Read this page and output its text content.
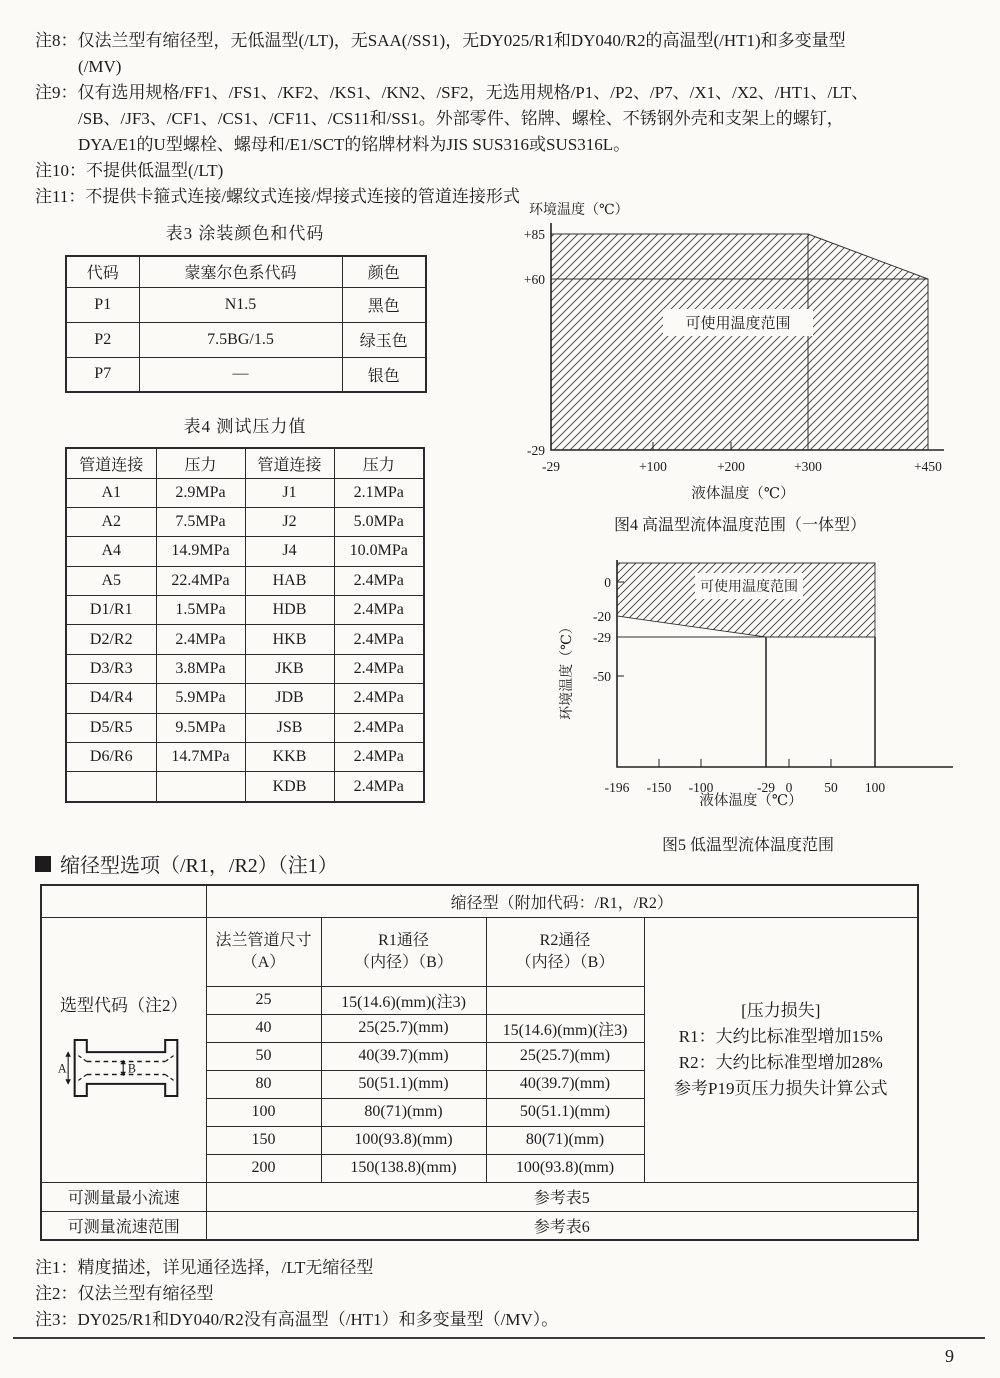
注8：仅法兰型有缩径型，无低温型(/LT)，无SAA(/SS1)，无DY025/R1和DY040/R2的高温型(/HT1)和多变量型
(/MV)
注9：仅有选用规格/FF1、/FS1、/KF2、/KS1、/KN2、/SF2，无选用规格/P1、/P2、/P7、/X1、/X2、/HT1、/LT、
/SB、/JF3、/CF1、/CS1、/CF11、/CS11和/SS1。外部零件、铭牌、螺栓、不锈钢外壳和支架上的螺钉，
DYA/E1的U型螺栓、螺母和/E1/SCT的铭牌材料为JIS SUS316或SUS316L。
注10：不提供低温型(/LT)
注11：不提供卡箍式连接/螺纹式连接/焊接式连接的管道连接形式
表3 涂装颜色和代码
代码	蒙塞尔色系代码	颜色
P1	N1.5	黑色
P2	7.5BG/1.5	绿玉色
P7	—	银色
表4 测试压力值
管道连接	压力	管道连接	压力
A1	2.9MPa	J1	2.1MPa
A2	7.5MPa	J2	5.0MPa
A4	14.9MPa	J4	10.0MPa
A5	22.4MPa	HAB	2.4MPa
D1/R1	1.5MPa	HDB	2.4MPa
D2/R2	2.4MPa	HKB	2.4MPa
D3/R3	3.8MPa	JKB	2.4MPa
D4/R4	5.9MPa	JDB	2.4MPa
D5/R5	9.5MPa	JSB	2.4MPa
D6/R6	14.7MPa	KKB	2.4MPa
		KDB	2.4MPa
环境温度（℃）
可使用温度范围
+85
+60
-29
-29	+100	+200	+300	+450
液体温度（℃）
图4 高温型流体温度范围（一体型）
可使用温度范围
0
-20
-29
-50
-196 -150 -100	-29 0 50 100
环境温度（℃）
液体温度（℃）
图5 低温型流体温度范围
缩径型选项（/R1，/R2）（注1）
	缩径型（附加代码：/R1，/R2）			

选型代码（注2）
A	B

法兰管道尺寸
（A）

R1通径
（内径）（B）

R2通径
（内径）（B）

[压力损失]
R1：大约比标准型增加15%
R2：大约比标准型增加28%
参考P19页压力损失计算公式

	25	15(14.6)(mm)(注3)		
	40	25(25.7)(mm)	15(14.6)(mm)(注3)	
	50	40(39.7)(mm)	25(25.7)(mm)	
	80	50(51.1)(mm)	40(39.7)(mm)	
	100	80(71)(mm)	50(51.1)(mm)	
	150	100(93.8)(mm)	80(71)(mm)	
	200	150(138.8)(mm)	100(93.8)(mm)	
可测量最小流速	参考表5			
可测量流速范围	参考表6			
注1：精度描述，详见通径选择，/LT无缩径型
注2：仅法兰型有缩径型
注3：DY025/R1和DY040/R2没有高温型（/HT1）和多变量型（/MV）。
9
